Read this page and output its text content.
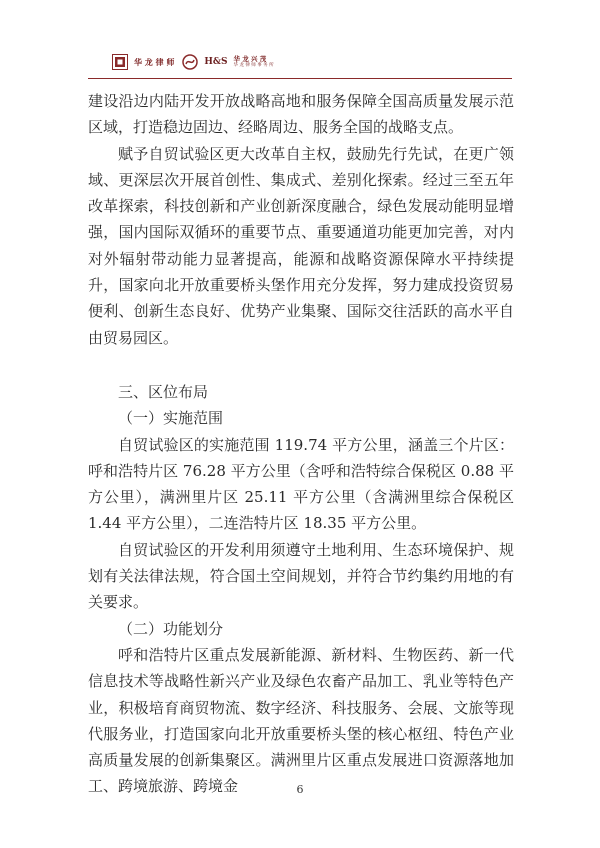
华 龙 律 师	H&S 华 龙 兴 茂
华 龙 律 师 事 务 所

建设沿边内陆开发开放战略高地和服务保障全国高质量发展示范区域，打造稳边固边、经略周边、服务全国的战略支点。

赋予自贸试验区更大改革自主权，鼓励先行先试，在更广领域、更深层次开展首创性、集成式、差别化探索。经过三至五年改革探索，科技创新和产业创新深度融合，绿色发展动能明显增强，国内国际双循环的重要节点、重要通道功能更加完善，对内对外辐射带动能力显著提高，能源和战略资源保障水平持续提升，国家向北开放重要桥头堡作用充分发挥，努力建成投资贸易便利、创新生态良好、优势产业集聚、国际交往活跃的高水平自由贸易园区。

三、区位布局

（一）实施范围

自贸试验区的实施范围 119.74 平方公里，涵盖三个片区：呼和浩特片区 76.28 平方公里（含呼和浩特综合保税区 0.88 平方公里），满洲里片区 25.11 平方公里（含满洲里综合保税区 1.44 平方公里），二连浩特片区 18.35 平方公里。

自贸试验区的开发利用须遵守土地利用、生态环境保护、规划有关法律法规，符合国土空间规划，并符合节约集约用地的有关要求。

（二）功能划分

呼和浩特片区重点发展新能源、新材料、生物医药、新一代信息技术等战略性新兴产业及绿色农畜产品加工、乳业等特色产业，积极培育商贸物流、数字经济、科技服务、会展、文旅等现代服务业，打造国家向北开放重要桥头堡的核心枢纽、特色产业高质量发展的创新集聚区。满洲里片区重点发展进口资源落地加工、跨境旅游、跨境金	6
